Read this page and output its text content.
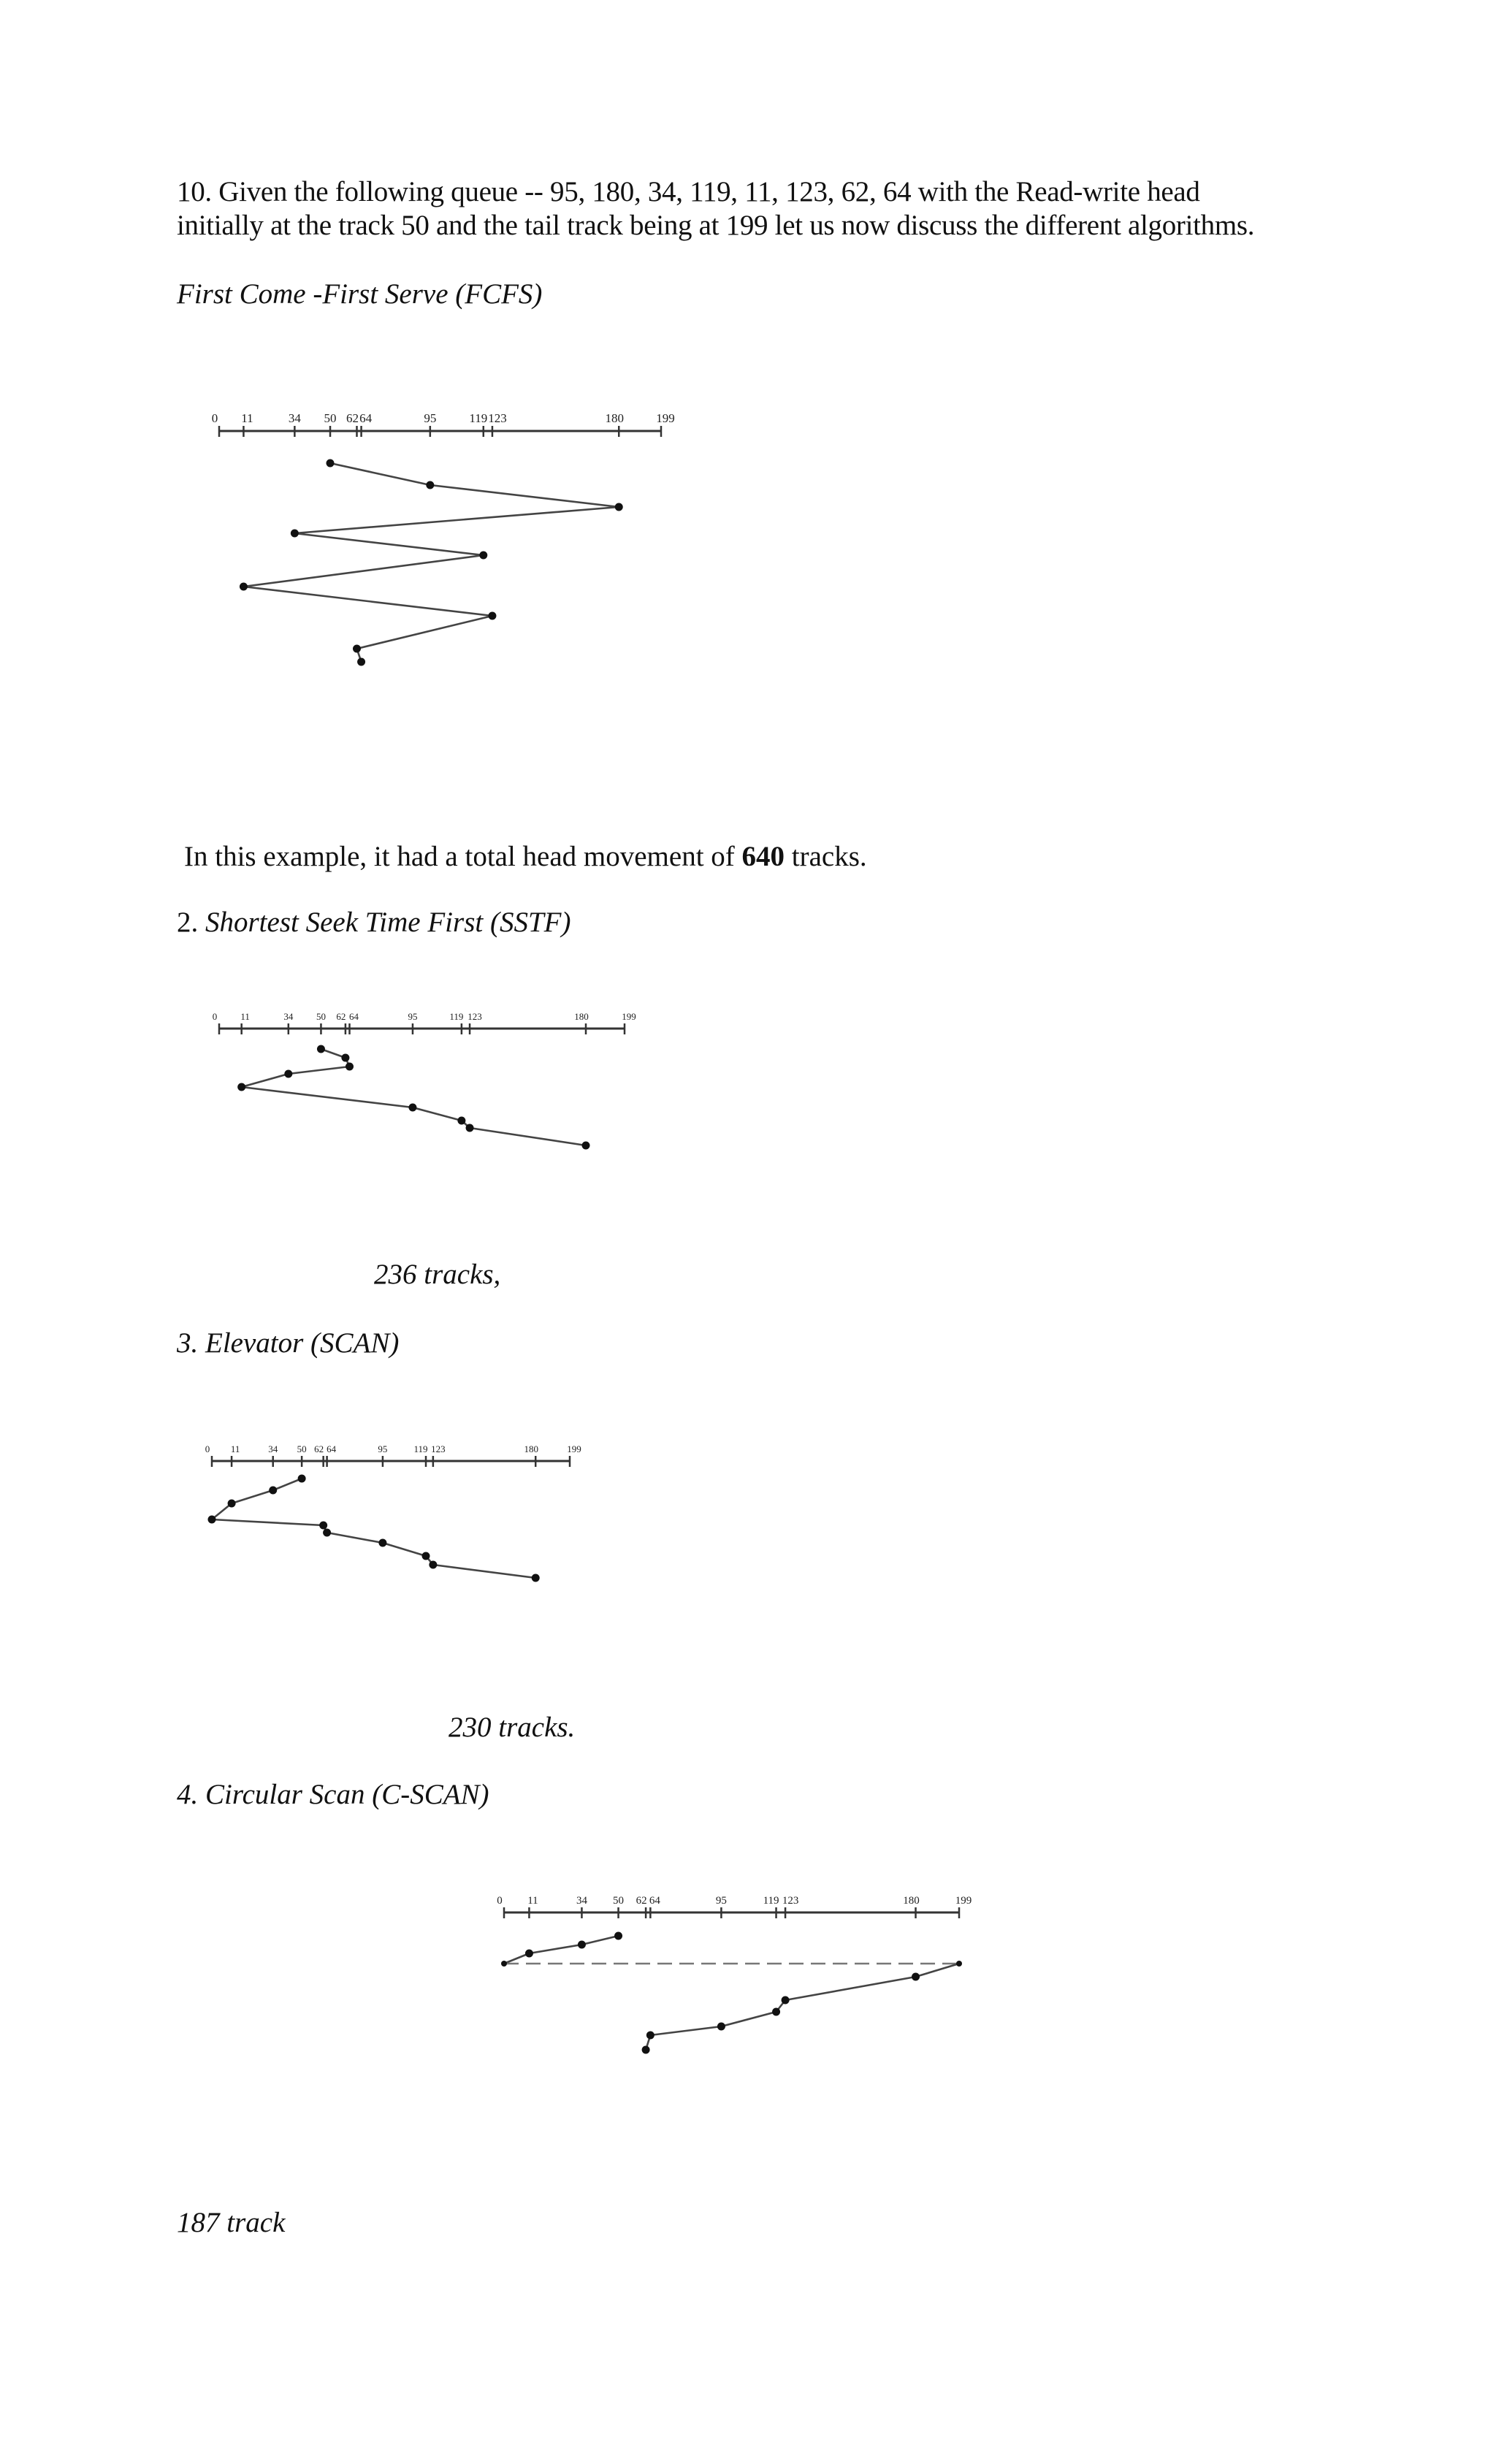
10. Given the following queue -- 95, 180, 34, 119, 11, 123, 62, 64 with the Read-write head
initially at the track 50 and the tail track being at 199 let us now discuss the different algorithms.
First Come -First Serve (FCFS)
0 11	34 50 62 64	95	119 123	180	199
In this example, it had a total head movement of 640 tracks.
2. Shortest Seek Time First (SSTF)
0 11	34 50 62 64	95	119 123	180	199
236 tracks,
3. Elevator (SCAN)
0 11	34 50 62 64	95	119 123	180	199
230 tracks.
4. Circular Scan (C-SCAN)
0 11	34 50 62 64	95	119 123	180	199
187 track
